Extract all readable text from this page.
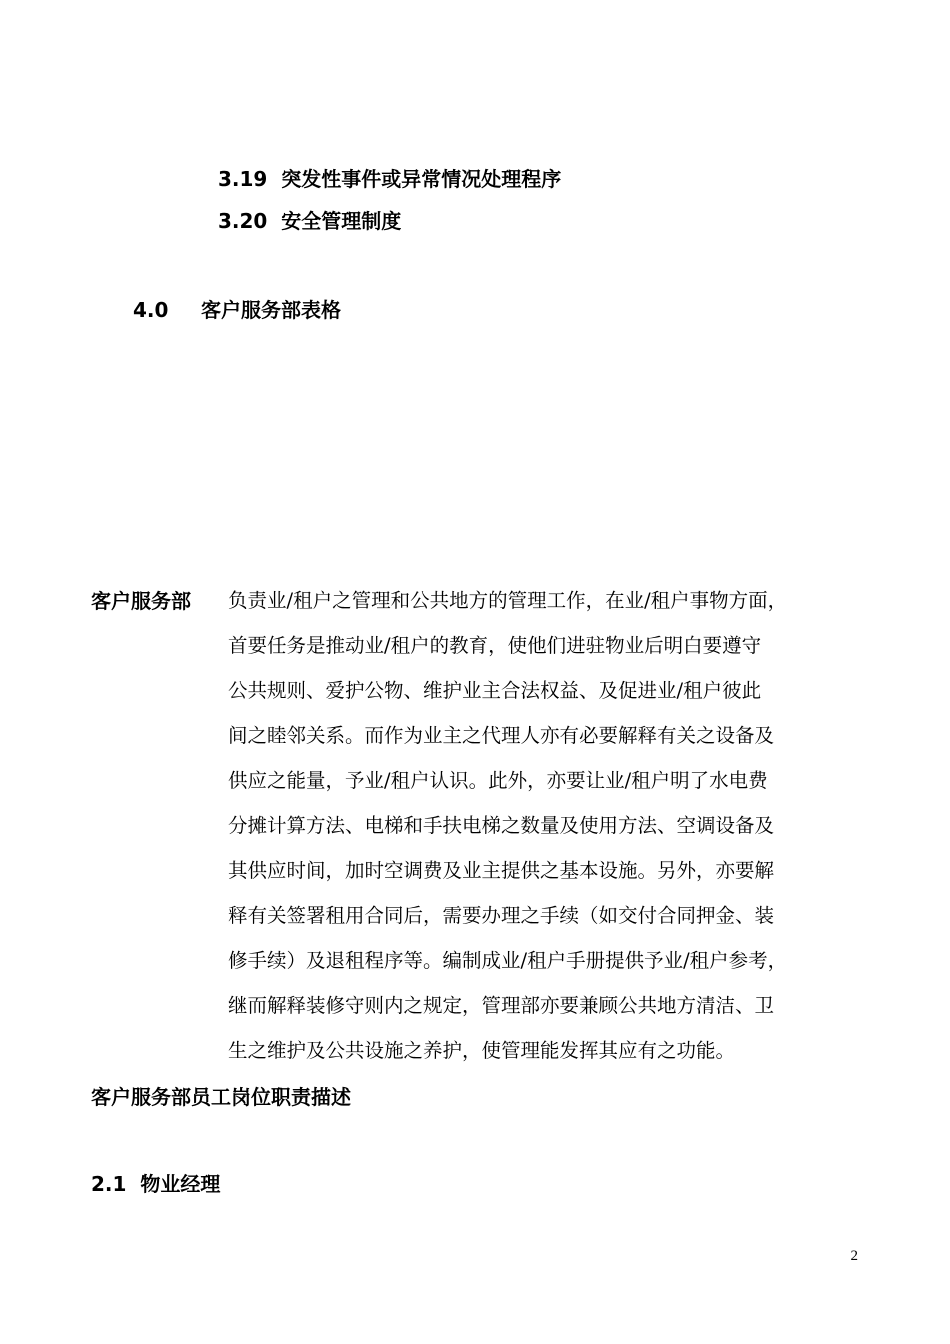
3.19 突发性事件或异常情况处理程序
3.20 安全管理制度
4.0 客户服务部表格
客户服务部 负责业/租户之管理和公共地方的管理工作，在业/租户事物方面，
首要任务是推动业/租户的教育，使他们进驻物业后明白要遵守
公共规则、爱护公物、维护业主合法权益、及促进业/租户彼此
间之睦邻关系。而作为业主之代理人亦有必要解释有关之设备及
供应之能量，予业/租户认识。此外，亦要让业/租户明了水电费
分摊计算方法、电梯和手扶电梯之数量及使用方法、空调设备及
其供应时间，加时空调费及业主提供之基本设施。另外，亦要解
释有关签署租用合同后，需要办理之手续（如交付合同押金、装
修手续）及退租程序等。编制成业/租户手册提供予业/租户参考，
继而解释装修守则内之规定，管理部亦要兼顾公共地方清洁、卫
生之维护及公共设施之养护，使管理能发挥其应有之功能。
客户服务部员工岗位职责描述
2.1 物业经理
2
